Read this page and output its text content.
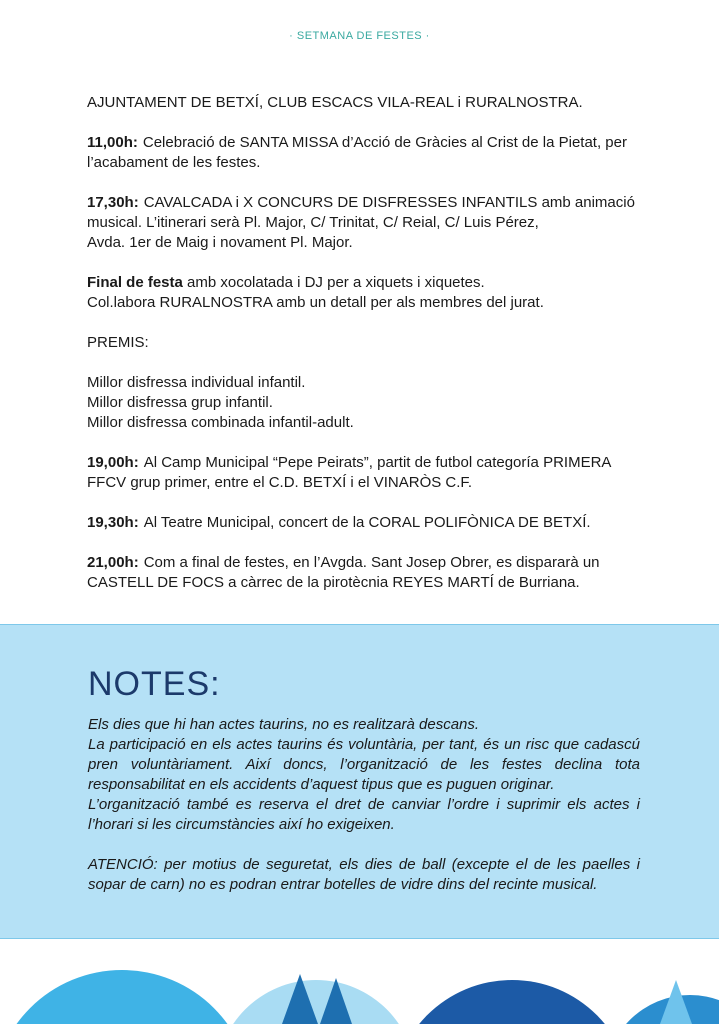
· SETMANA DE FESTES ·

AJUNTAMENT DE BETXÍ, CLUB ESCACS VILA-REAL i RURALNOSTRA.

11,00h: Celebració de SANTA MISSA d’Acció de Gràcies al Crist de la Pietat, per

l’acabament de les festes.

17,30h: CAVALCADA i X CONCURS DE DISFRESSES INFANTILS amb animació

musical. L’itinerari serà Pl. Major, C/ Trinitat, C/ Reial, C/ Luis Pérez,

Avda. 1er de Maig i novament Pl. Major.

Final de festa amb xocolatada i DJ per a xiquets i xiquetes.

Col.labora RURALNOSTRA amb un detall per als membres del jurat.

PREMIS:

Millor disfressa individual infantil.

Millor disfressa grup infantil.

Millor disfressa combinada infantil-adult.

19,00h: Al Camp Municipal “Pepe Peirats”, partit de futbol categoría PRIMERA

FFCV grup primer, entre el C.D. BETXÍ i el VINARÒS C.F.

19,30h: Al Teatre Municipal, concert de la CORAL POLIFÒNICA DE BETXÍ.
21,00h: Com a final de festes, en l’Avgda. Sant Josep Obrer, es dispararà un

CASTELL DE FOCS a càrrec de la pirotècnia REYES MARTÍ de Burriana.

NOTES:

Els dies que hi han actes taurins, no es realitzarà descans.

La participació en els actes taurins és voluntària, per tant, és un risc que cadascú pren voluntàriament. Així doncs, l’organització de les festes declina tota responsabilitat en els accidents d’aquest tipus que es puguen originar.

L’organització també es reserva el dret de canviar l’ordre i suprimir els actes i l’horari si les circumstàncies així ho exigeixen.

ATENCIÓ: per motius de seguretat, els dies de ball (excepte el de les paelles i sopar de carn) no es podran entrar botelles de vidre dins del recinte musical.
